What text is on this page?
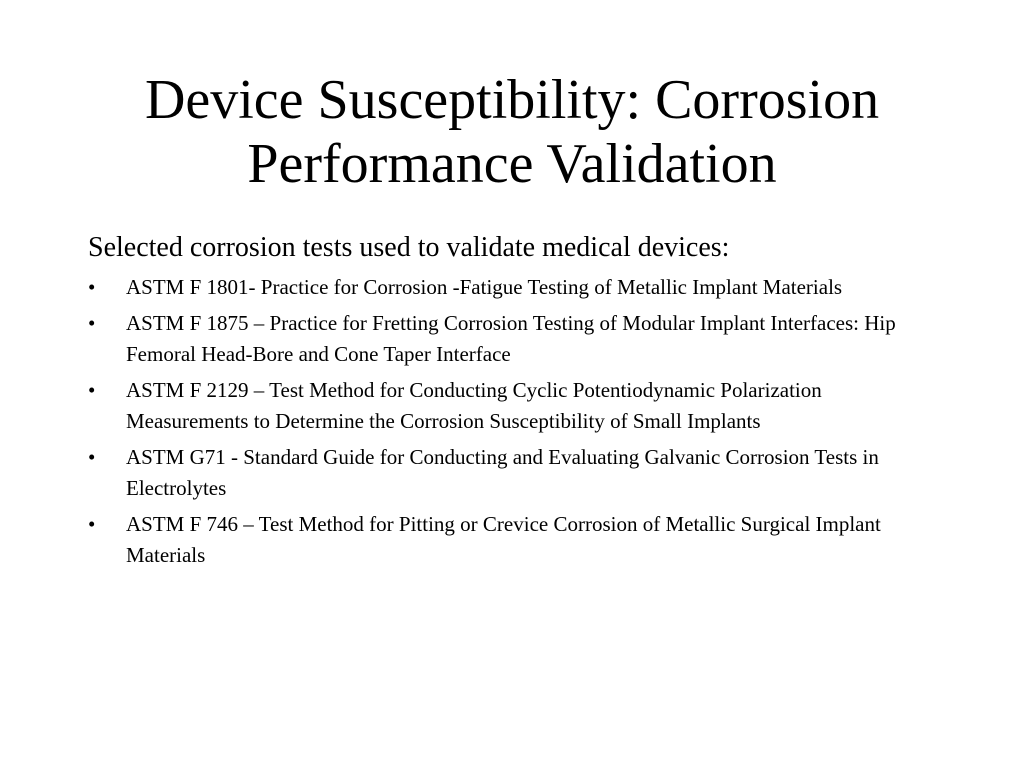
Device Susceptibility: Corrosion
Performance Validation

Selected corrosion tests used to validate medical devices:

•	ASTM F 1801- Practice for Corrosion -Fatigue Testing of Metallic Implant Materials
•	ASTM F 1875 – Practice for Fretting Corrosion Testing of Modular Implant Interfaces: Hip Femoral Head-Bore and Cone Taper Interface
•	ASTM F 2129 – Test Method for Conducting Cyclic Potentiodynamic Polarization Measurements to Determine the Corrosion Susceptibility of Small Implants
•	ASTM G71 - Standard Guide for Conducting and Evaluating Galvanic Corrosion Tests in Electrolytes
•	ASTM F 746 – Test Method for Pitting or Crevice Corrosion of Metallic Surgical Implant Materials
